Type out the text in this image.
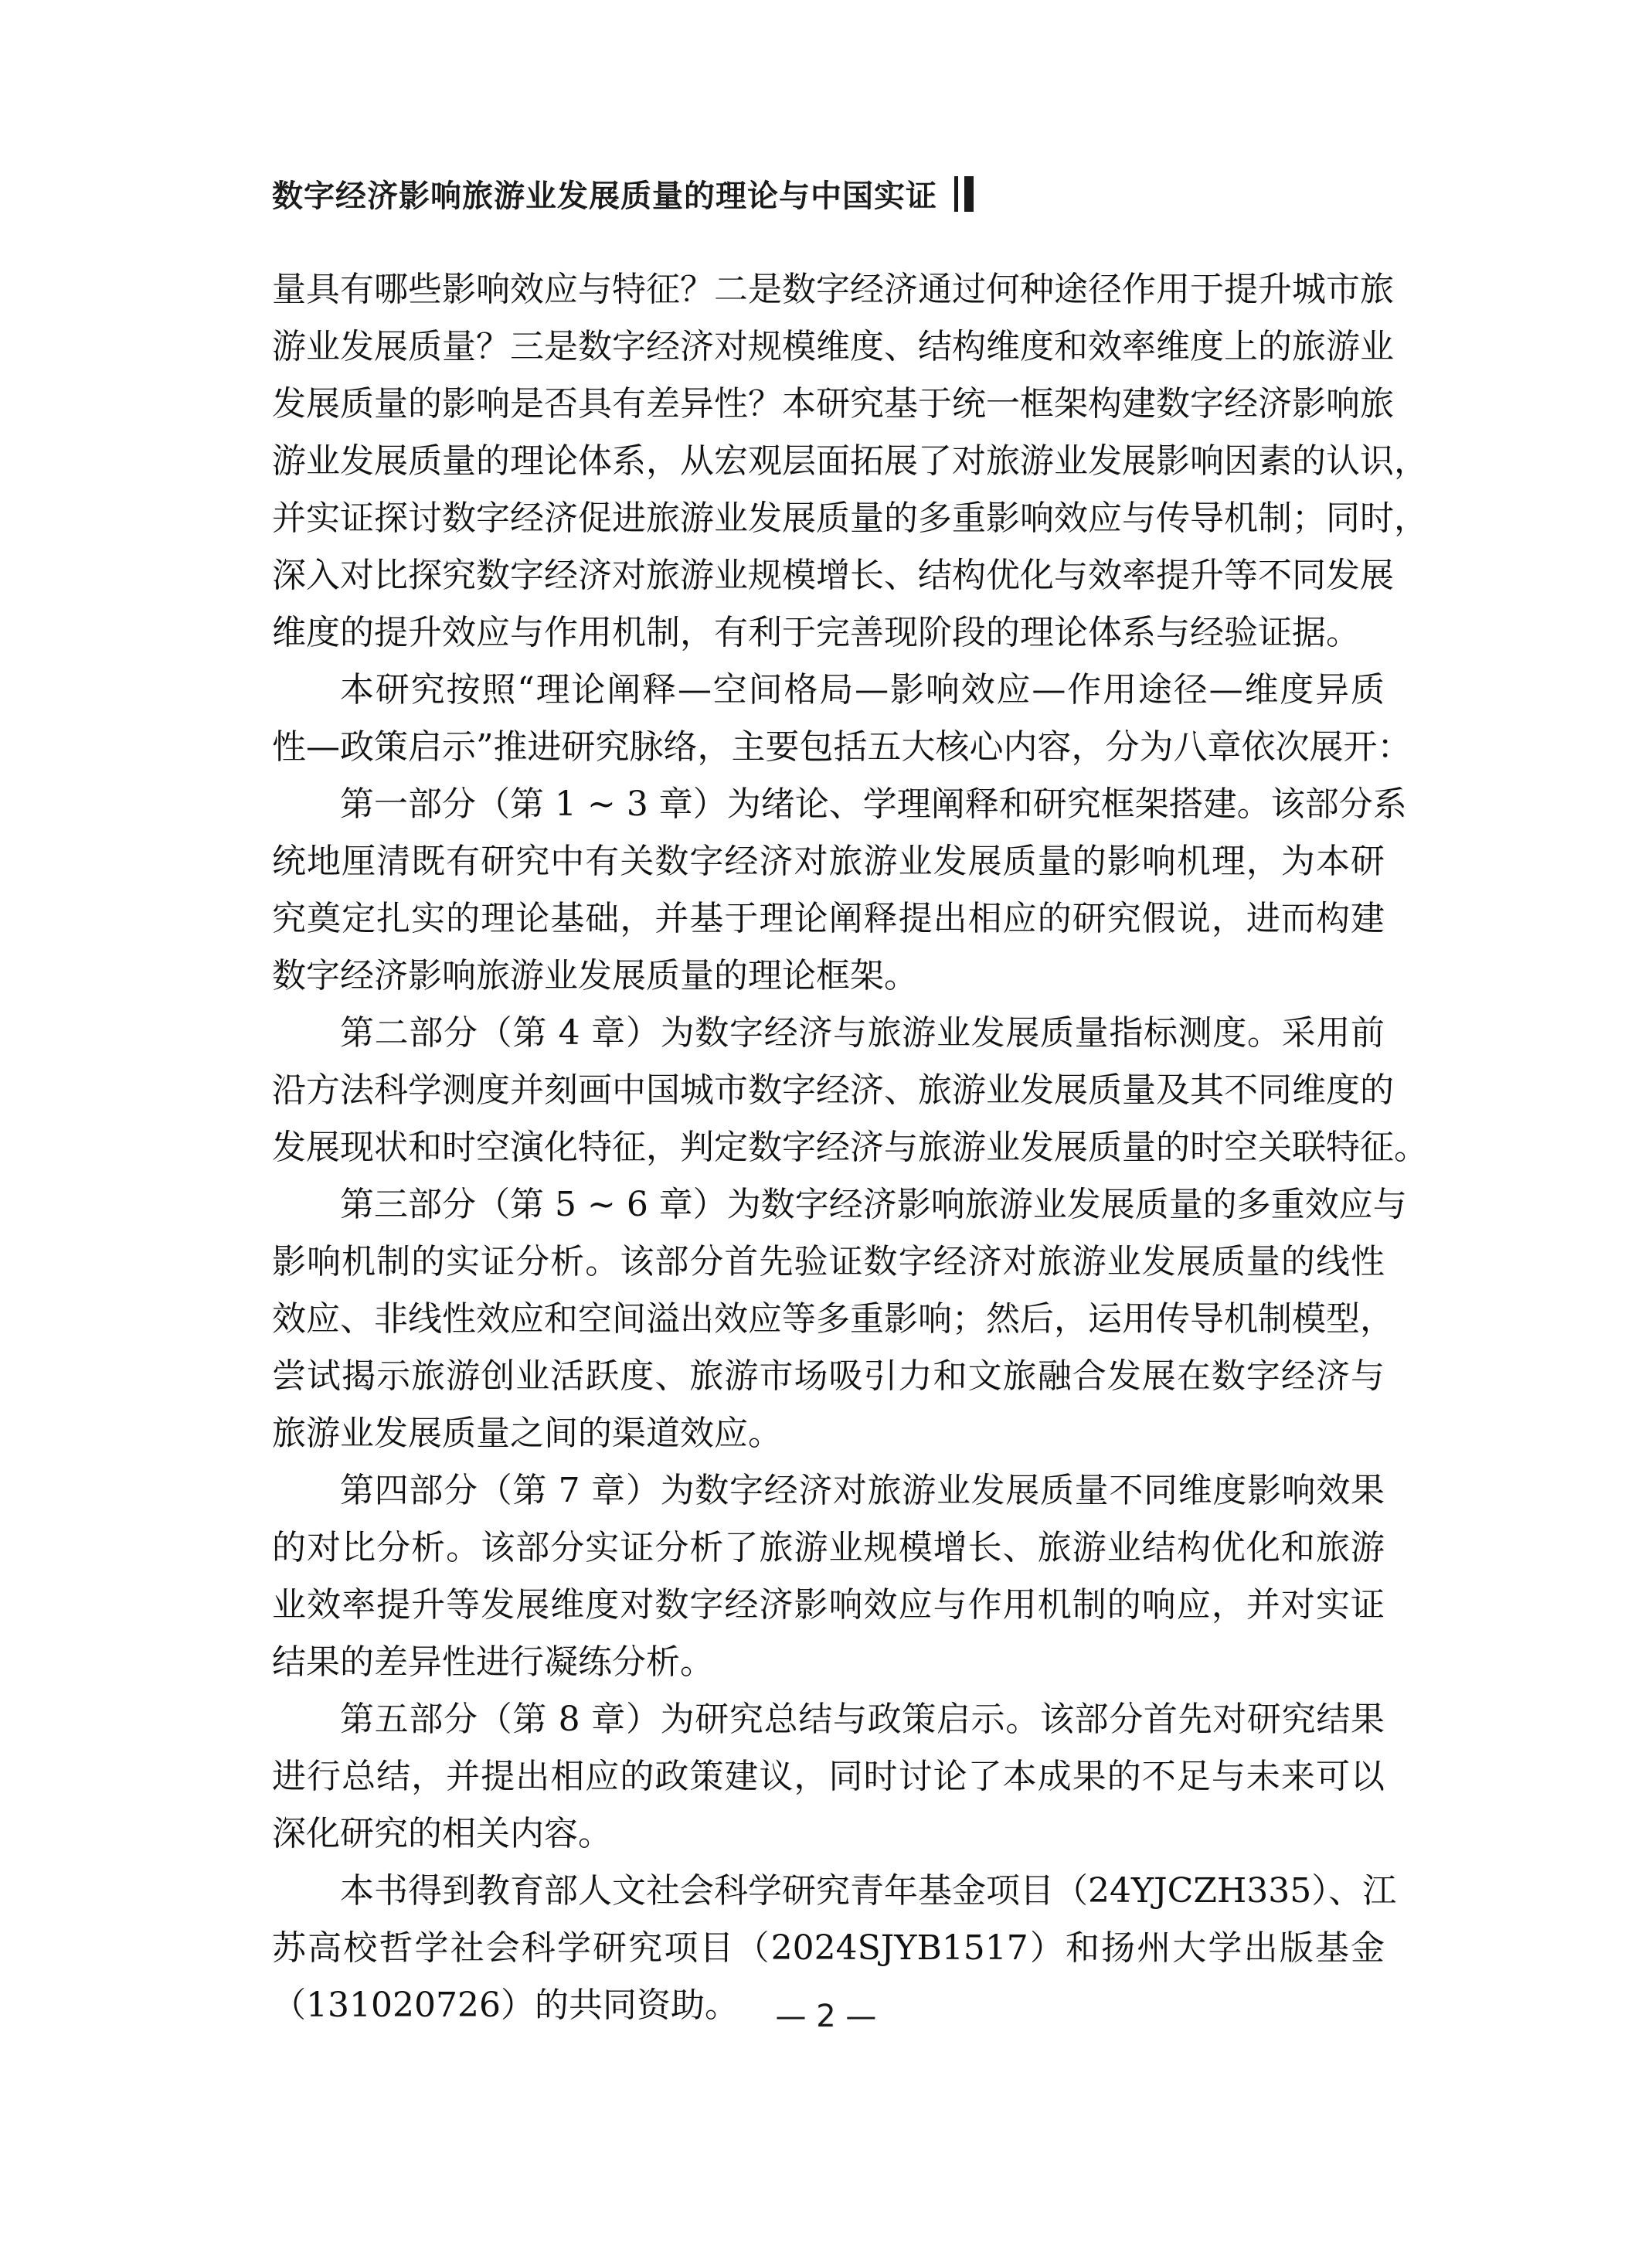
数字经济影响旅游业发展质量的理论与中国实证
量具有哪些影响效应与特征？二是数字经济通过何种途径作用于提升城市旅
游业发展质量？三是数字经济对规模维度、结构维度和效率维度上的旅游业
发展质量的影响是否具有差异性？本研究基于统一框架构建数字经济影响旅
游业发展质量的理论体系，从宏观层面拓展了对旅游业发展影响因素的认识，
并实证探讨数字经济促进旅游业发展质量的多重影响效应与传导机制；同时，
深入对比探究数字经济对旅游业规模增长、结构优化与效率提升等不同发展
维度的提升效应与作用机制，有利于完善现阶段的理论体系与经验证据。
本研究按照“理论阐释—空间格局—影响效应—作用途径—维度异质
性—政策启示”推进研究脉络，主要包括五大核心内容，分为八章依次展开：
第一部分（第 1 ~ 3 章）为绪论、学理阐释和研究框架搭建。该部分系
统地厘清既有研究中有关数字经济对旅游业发展质量的影响机理，为本研
究奠定扎实的理论基础，并基于理论阐释提出相应的研究假说，进而构建
数字经济影响旅游业发展质量的理论框架。
第二部分（第 4 章）为数字经济与旅游业发展质量指标测度。采用前
沿方法科学测度并刻画中国城市数字经济、旅游业发展质量及其不同维度的
发展现状和时空演化特征，判定数字经济与旅游业发展质量的时空关联特征。
第三部分（第 5 ~ 6 章）为数字经济影响旅游业发展质量的多重效应与
影响机制的实证分析。该部分首先验证数字经济对旅游业发展质量的线性
效应、非线性效应和空间溢出效应等多重影响；然后，运用传导机制模型，
尝试揭示旅游创业活跃度、旅游市场吸引力和文旅融合发展在数字经济与
旅游业发展质量之间的渠道效应。
第四部分（第 7 章）为数字经济对旅游业发展质量不同维度影响效果
的对比分析。该部分实证分析了旅游业规模增长、旅游业结构优化和旅游
业效率提升等发展维度对数字经济影响效应与作用机制的响应，并对实证
结果的差异性进行凝练分析。
第五部分（第 8 章）为研究总结与政策启示。该部分首先对研究结果
进行总结，并提出相应的政策建议，同时讨论了本成果的不足与未来可以
深化研究的相关内容。
本书得到教育部人文社会科学研究青年基金项目（24YJCZH335）、江
苏高校哲学社会科学研究项目（2024SJYB1517）和扬州大学出版基金
（131020726）的共同资助。	— 2 —
